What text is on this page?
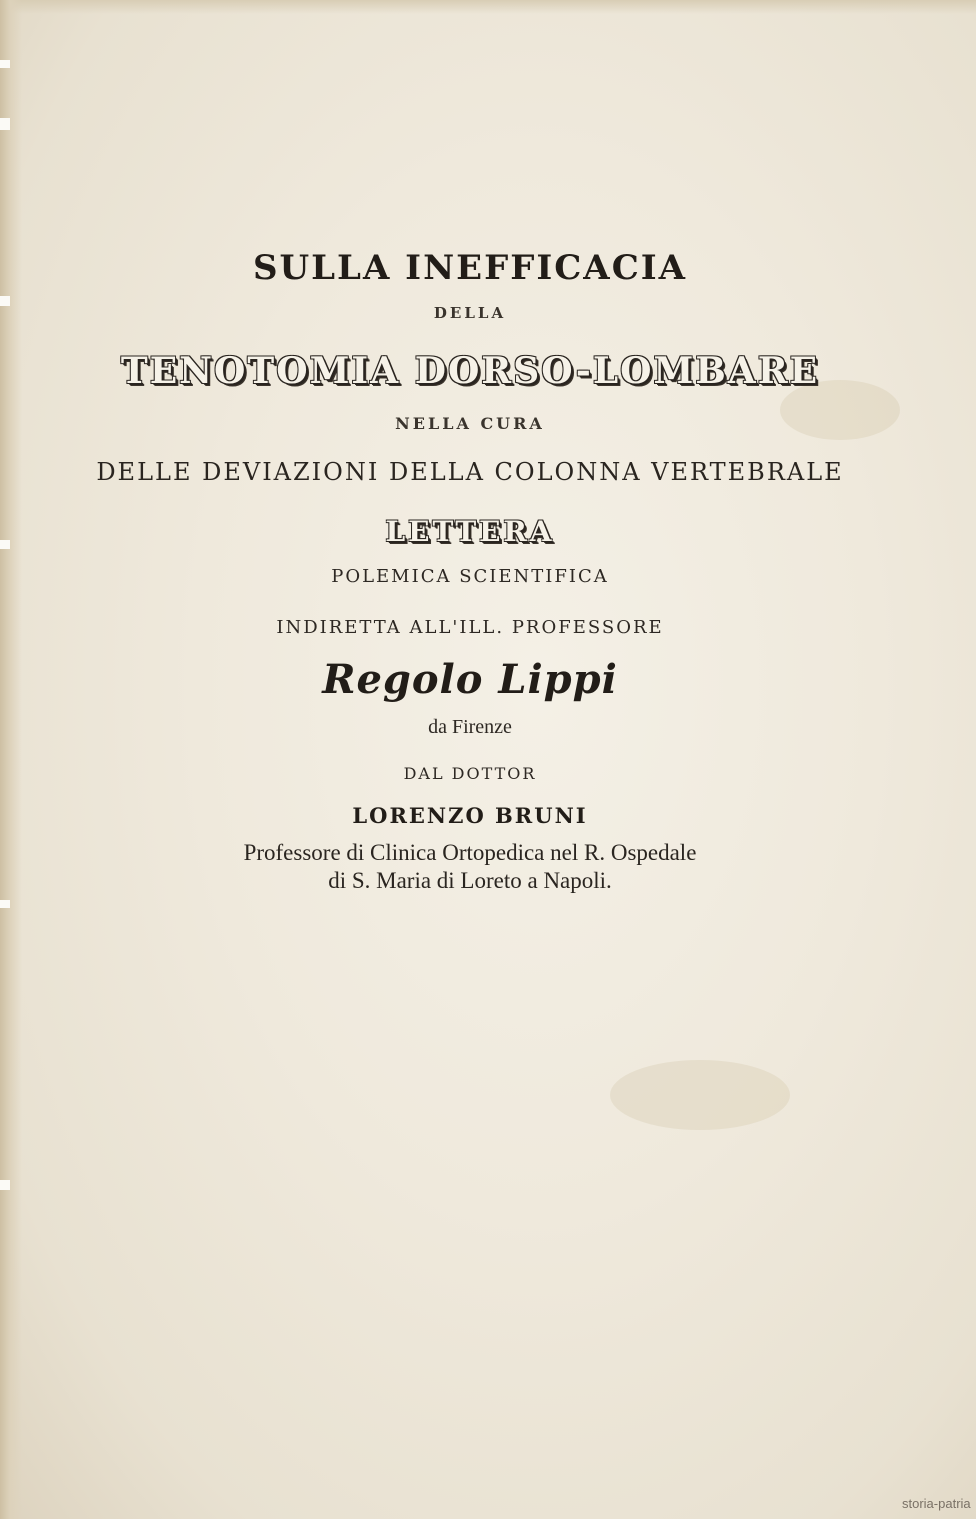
SULLA INEFFICACIA
DELLA
TENOTOMIA DORSO-LOMBARE
NELLA CURA
DELLE DEVIAZIONI DELLA COLONNA VERTEBRALE
LETTERA
POLEMICA SCIENTIFICA
INDIRETTA ALL'ILL. PROFESSORE
Regolo Lippi
da Firenze
DAL DOTTOR
LORENZO BRUNI
Professore di Clinica Ortopedica nel R. Ospedale
di S. Maria di Loreto a Napoli.
storia-patria
